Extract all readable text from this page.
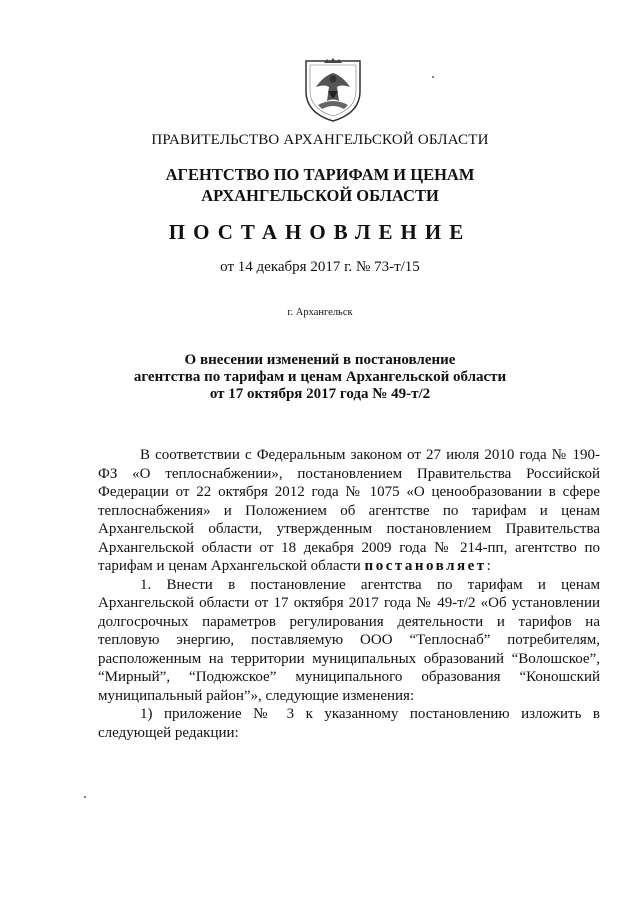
ПРАВИТЕЛЬСТВО АРХАНГЕЛЬСКОЙ ОБЛАСТИ
АГЕНТСТВО ПО ТАРИФАМ И ЦЕНАМ
АРХАНГЕЛЬСКОЙ ОБЛАСТИ
ПОСТАНОВЛЕНИЕ
от 14 декабря 2017 г. № 73-т/15
г. Архангельск
О внесении изменений в постановление
агентства по тарифам и ценам Архангельской области
от 17 октября 2017 года № 49-т/2

В соответствии с Федеральным законом от 27 июля 2010 года № 190-ФЗ «О теплоснабжении», постановлением Правительства Российской Федерации от 22 октября 2012 года № 1075 «О ценообразовании в сфере теплоснабжения» и Положением об агентстве по тарифам и ценам Архангельской области, утвержденным постановлением Правительства Архангельской области от 18 декабря 2009 года № 214-пп, агентство по тарифам и ценам Архангельской области постановляет:

1. Внести в постановление агентства по тарифам и ценам Архангельской области от 17 октября 2017 года № 49-т/2 «Об установлении долгосрочных параметров регулирования деятельности и тарифов на тепловую энергию, поставляемую ООО “Теплоснаб” потребителям, расположенным на территории муниципальных образований “Волошское”, “Мирный”, “Подюжское” муниципального образования “Коношский муниципальный район”», следующие изменения:

1) приложение № 3 к указанному постановлению изложить в следующей редакции:
